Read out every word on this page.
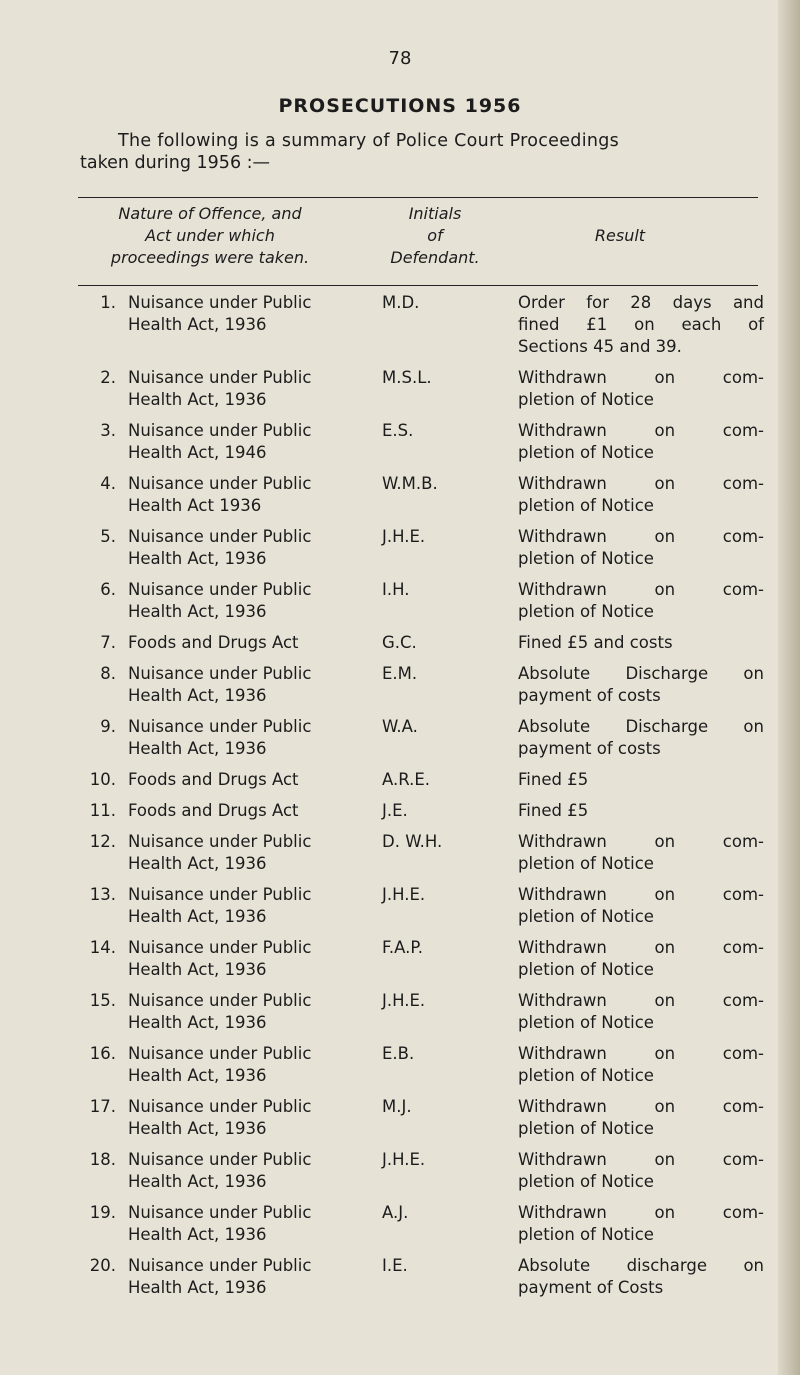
78
PROSECUTIONS 1956
The following is a summary of Police Court Proceedings
taken during 1956 :—
Nature of Offence, and
Act under which
proceedings were taken.
Initials
of
Defendant.
Result
1. Nuisance under Public
Health Act, 1936
M.D.	Order for 28 days and
fined £1 on each of
Sections 45 and 39.
2. Nuisance under Public
Health Act, 1936
M.S.L.	Withdrawn on com-
pletion of Notice
3. Nuisance under Public
Health Act, 1946
E.S.	Withdrawn on com-
pletion of Notice
4. Nuisance under Public
Health Act 1936
W.M.B.	Withdrawn on com-
pletion of Notice
5. Nuisance under Public
Health Act, 1936
J.H.E.	Withdrawn on com-
pletion of Notice
6. Nuisance under Public
Health Act, 1936
I.H.	Withdrawn on com-
pletion of Notice
7. Foods and Drugs Act	G.C.	Fined £5 and costs
8. Nuisance under Public
Health Act, 1936
E.M.	Absolute Discharge on
payment of costs
9. Nuisance under Public
Health Act, 1936
W.A.	Absolute Discharge on
payment of costs
10. Foods and Drugs Act	A.R.E.	Fined £5
11. Foods and Drugs Act	J.E.	Fined £5
12. Nuisance under Public
Health Act, 1936
D. W.H.	Withdrawn on com-
pletion of Notice
13. Nuisance under Public
Health Act, 1936
J.H.E.	Withdrawn on com-
pletion of Notice
14. Nuisance under Public
Health Act, 1936
F.A.P.	Withdrawn on com-
pletion of Notice
15. Nuisance under Public
Health Act, 1936
J.H.E.	Withdrawn on com-
pletion of Notice
16. Nuisance under Public
Health Act, 1936
E.B.	Withdrawn on com-
pletion of Notice
17. Nuisance under Public
Health Act, 1936
M.J.	Withdrawn on com-
pletion of Notice
18. Nuisance under Public
Health Act, 1936
J.H.E.	Withdrawn on com-
pletion of Notice
19. Nuisance under Public
Health Act, 1936
A.J.	Withdrawn on com-
pletion of Notice
20. Nuisance under Public
Health Act, 1936
I.E.	Absolute discharge on
payment of Costs
